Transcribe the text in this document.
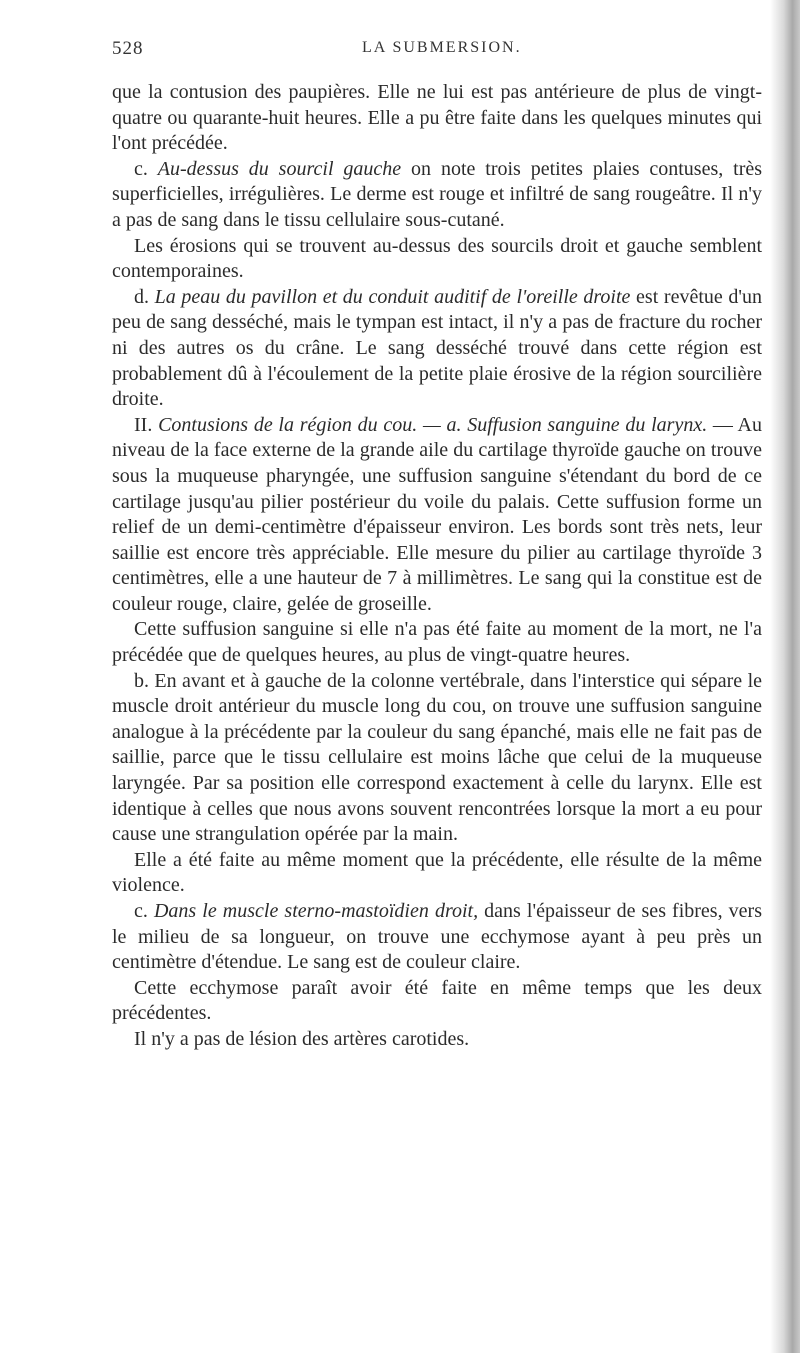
528	LA SUBMERSION.

que la contusion des paupières. Elle ne lui est pas antérieure de plus de vingt-quatre ou quarante-huit heures. Elle a pu être faite dans les quelques minutes qui l'ont précédée.

c. Au-dessus du sourcil gauche on note trois petites plaies contuses, très superficielles, irrégulières. Le derme est rouge et infiltré de sang rougeâtre. Il n'y a pas de sang dans le tissu cellulaire sous-cutané.

Les érosions qui se trouvent au-dessus des sourcils droit et gauche semblent contemporaines.

d. La peau du pavillon et du conduit auditif de l'oreille droite est revêtue d'un peu de sang desséché, mais le tympan est intact, il n'y a pas de fracture du rocher ni des autres os du crâne. Le sang desséché trouvé dans cette région est probablement dû à l'écoulement de la petite plaie érosive de la région sourcilière droite.

II. Contusions de la région du cou. — a. Suffusion sanguine du larynx. — Au niveau de la face externe de la grande aile du cartilage thyroïde gauche on trouve sous la muqueuse pharyngée, une suffusion sanguine s'étendant du bord de ce cartilage jusqu'au pilier postérieur du voile du palais. Cette suffusion forme un relief de un demi-centimètre d'épaisseur environ. Les bords sont très nets, leur saillie est encore très appréciable. Elle mesure du pilier au cartilage thyroïde 3 centimètres, elle a une hauteur de 7 à millimètres. Le sang qui la constitue est de couleur rouge, claire, gelée de groseille.

Cette suffusion sanguine si elle n'a pas été faite au moment de la mort, ne l'a précédée que de quelques heures, au plus de vingt-quatre heures.

b. En avant et à gauche de la colonne vertébrale, dans l'interstice qui sépare le muscle droit antérieur du muscle long du cou, on trouve une suffusion sanguine analogue à la précédente par la couleur du sang épanché, mais elle ne fait pas de saillie, parce que le tissu cellulaire est moins lâche que celui de la muqueuse laryngée. Par sa position elle correspond exactement à celle du larynx. Elle est identique à celles que nous avons souvent rencontrées lorsque la mort a eu pour cause une strangulation opérée par la main.

Elle a été faite au même moment que la précédente, elle résulte de la même violence.

c. Dans le muscle sterno-mastoïdien droit, dans l'épaisseur de ses fibres, vers le milieu de sa longueur, on trouve une ecchymose ayant à peu près un centimètre d'étendue. Le sang est de couleur claire.

Cette ecchymose paraît avoir été faite en même temps que les deux précédentes.

Il n'y a pas de lésion des artères carotides.
